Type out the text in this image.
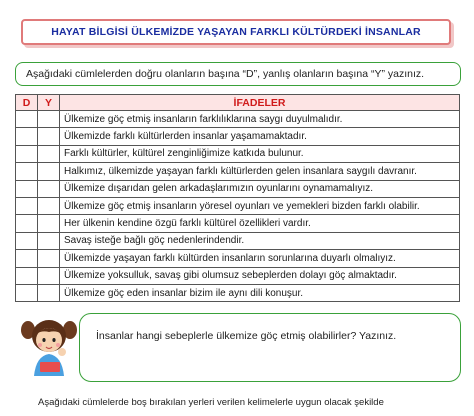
HAYAT BİLGİSİ ÜLKEMİZDE YAŞAYAN FARKLI KÜLTÜRDEKİ İNSANLAR
Aşağıdaki cümlelerden doğru olanların başına “D”, yanlış olanların başına “Y” yazınız.
D	Y	İFADELER
		Ülkemize göç etmiş insanların farklılıklarına saygı duyulmalıdır.
		Ülkemizde farklı kültürlerden insanlar yaşamamaktadır.
		Farklı kültürler, kültürel zenginliğimize katkıda bulunur.
		Halkımız, ülkemizde yaşayan farklı kültürlerden gelen insanlara saygılı davranır.
		Ülkemize dışarıdan gelen arkadaşlarımızın oyunlarını oynamamalıyız.
		Ülkemize göç etmiş insanların yöresel oyunları ve yemekleri bizden farklı olabilir.
		Her ülkenin kendine özgü farklı kültürel özellikleri vardır.
		Savaş isteğe bağlı göç nedenlerindendir.
		Ülkemizde yaşayan farklı kültürden insanların sorunlarına duyarlı olmalıyız.
		Ülkemize yoksulluk, savaş gibi olumsuz sebeplerden dolayı göç almaktadır.
		Ülkemize göç eden insanlar bizim ile aynı dili konuşur.
İnsanlar hangi sebeplerle ülkemize göç etmiş olabilirler? Yazınız.
Aşağıdaki cümlelerde boş bırakılan yerleri verilen kelimelerle uygun olacak şekilde
